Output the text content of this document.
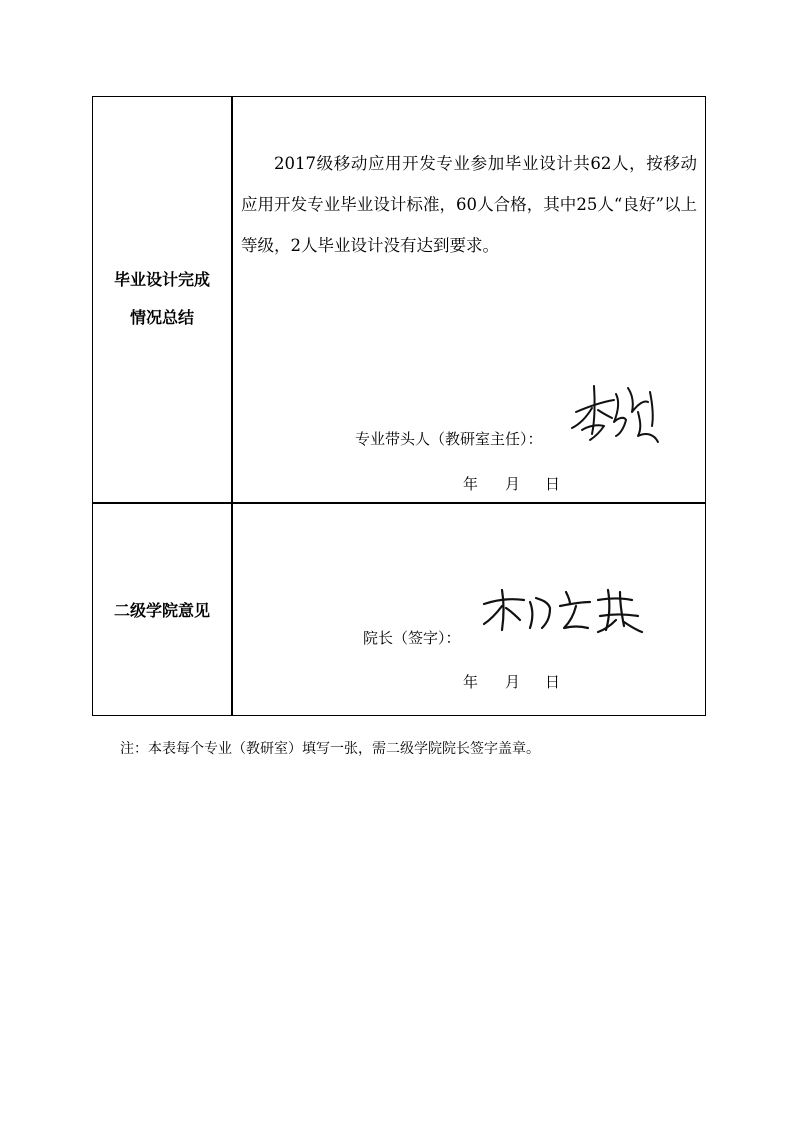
毕业设计完成
情况总结
2017级移动应用开发专业参加毕业设计共62人，按移动应用开发专业毕业设计标准，60人合格，其中25人“良好”以上等级，2人毕业设计没有达到要求。
专业带头人（教研室主任）：
年 月 日
二级学院意见
院长（签字）：
年 月 日
注：本表每个专业（教研室）填写一张，需二级学院院长签字盖章。
